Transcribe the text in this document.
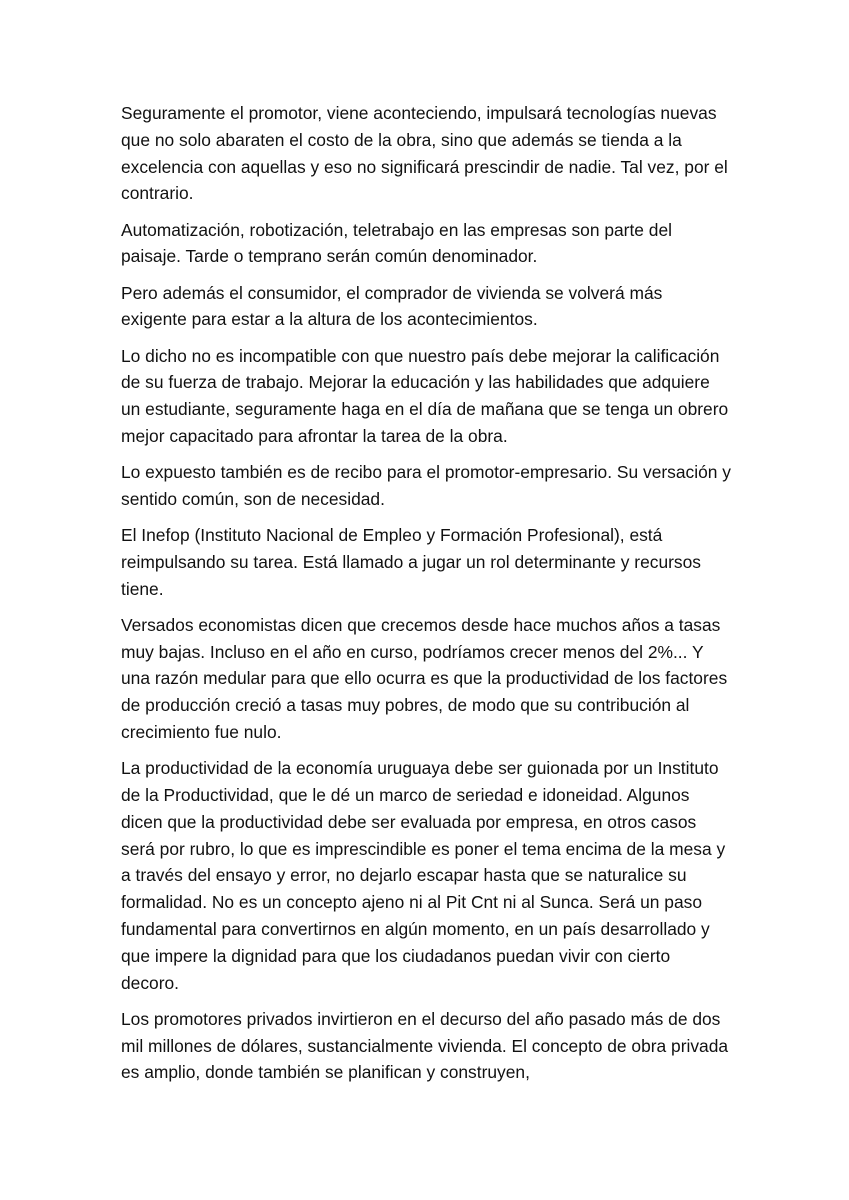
Seguramente el promotor, viene aconteciendo, impulsará tecnologías nuevas que no solo abaraten el costo de la obra, sino que además se tienda a la excelencia con aquellas y eso no significará prescindir de nadie. Tal vez, por el contrario.

Automatización, robotización, teletrabajo en las empresas son parte del paisaje. Tarde o temprano serán común denominador.

Pero además el consumidor, el comprador de vivienda se volverá más exigente para estar a la altura de los acontecimientos.

Lo dicho no es incompatible con que nuestro país debe mejorar la calificación de su fuerza de trabajo. Mejorar la educación y las habilidades que adquiere un estudiante, seguramente haga en el día de mañana que se tenga un obrero mejor capacitado para afrontar la tarea de la obra.

Lo expuesto también es de recibo para el promotor-empresario. Su versación y sentido común, son de necesidad.

El Inefop (Instituto Nacional de Empleo y Formación Profesional), está reimpulsando su tarea. Está llamado a jugar un rol determinante y recursos tiene.

Versados economistas dicen que crecemos desde hace muchos años a tasas muy bajas. Incluso en el año en curso, podríamos crecer menos del 2%... Y una razón medular para que ello ocurra es que la productividad de los factores de producción creció a tasas muy pobres, de modo que su contribución al crecimiento fue nulo.

La productividad de la economía uruguaya debe ser guionada por un Instituto de la Productividad, que le dé un marco de seriedad e idoneidad. Algunos dicen que la productividad debe ser evaluada por empresa, en otros casos será por rubro, lo que es imprescindible es poner el tema encima de la mesa y a través del ensayo y error, no dejarlo escapar hasta que se naturalice su formalidad. No es un concepto ajeno ni al Pit Cnt ni al Sunca. Será un paso fundamental para convertirnos en algún momento, en un país desarrollado y que impere la dignidad para que los ciudadanos puedan vivir con cierto decoro.

Los promotores privados invirtieron en el decurso del año pasado más de dos mil millones de dólares, sustancialmente vivienda. El concepto de obra privada es amplio, donde también se planifican y construyen,
